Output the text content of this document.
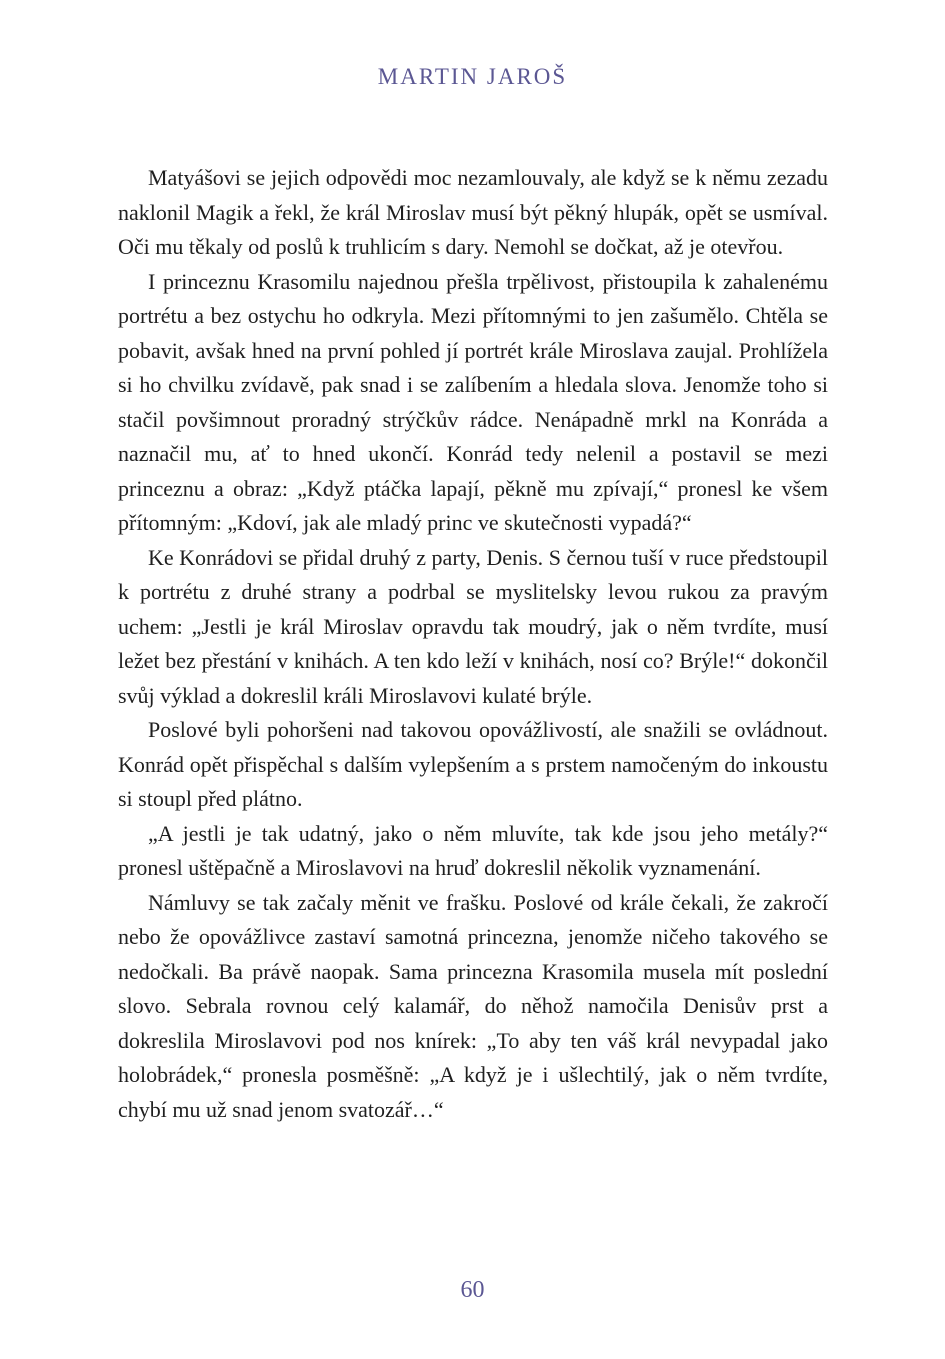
MARTIN JAROŠ

Matyášovi se jejich odpovědi moc nezamlouvaly, ale když se k němu zezadu naklonil Magik a řekl, že král Miroslav musí být pěkný hlupák, opět se usmíval. Oči mu těkaly od poslů k truhlicím s dary. Nemohl se dočkat, až je otevřou.

I princeznu Krasomilu najednou přešla trpělivost, přistoupila k zahalenému portrétu a bez ostychu ho odkryla. Mezi přítomnými to jen zašumělo. Chtěla se pobavit, avšak hned na první pohled jí portrét krále Miroslava zaujal. Prohlížela si ho chvilku zvídavě, pak snad i se zalíbením a hledala slova. Jenomže toho si stačil povšimnout proradný strýčkův rádce. Nenápadně mrkl na Konráda a naznačil mu, ať to hned ukončí. Konrád tedy nelenil a postavil se mezi princeznu a obraz: „Když ptáčka lapají, pěkně mu zpívají,“ pronesl ke všem přítomným: „Kdoví, jak ale mladý princ ve skutečnosti vypadá?“

Ke Konrádovi se přidal druhý z party, Denis. S černou tuší v ruce předstoupil k portrétu z druhé strany a podrbal se myslitelsky levou rukou za pravým uchem: „Jestli je král Miroslav opravdu tak moudrý, jak o něm tvrdíte, musí ležet bez přestání v knihách. A ten kdo leží v knihách, nosí co? Brýle!“ dokončil svůj výklad a dokreslil králi Miroslavovi kulaté brýle.

Poslové byli pohoršeni nad takovou opovážlivostí, ale snažili se ovládnout. Konrád opět přispěchal s dalším vylepšením a s prstem namočeným do inkoustu si stoupl před plátno.

„A jestli je tak udatný, jako o něm mluvíte, tak kde jsou jeho metály?“ pronesl uštěpačně a Miroslavovi na hruď dokreslil několik vyznamenání.

Námluvy se tak začaly měnit ve frašku. Poslové od krále čekali, že zakročí nebo že opovážlivce zastaví samotná princezna, jenomže ničeho takového se nedočkali. Ba právě naopak. Sama princezna Krasomila musela mít poslední slovo. Sebrala rovnou celý kalamář, do něhož namočila Denisův prst a dokreslila Miroslavovi pod nos knírek: „To aby ten váš král nevypadal jako holobrádek,“ pronesla posměšně: „A když je i ušlechtilý, jak o něm tvrdíte, chybí mu už snad jenom svatozář…“

60
